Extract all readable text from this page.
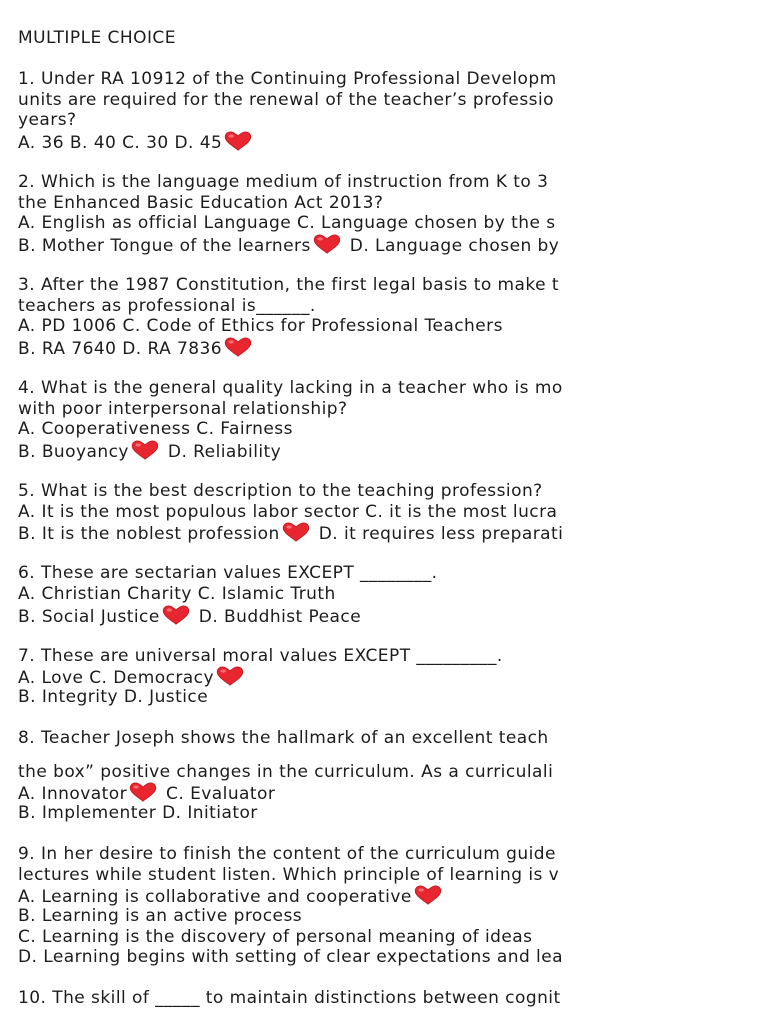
MULTIPLE CHOICE
1. Under RA 10912 of the Continuing Professional Developm
units are required for the renewal of the teacher’s professio
years?
A. 36 B. 40 C. 30 D. 45
2. Which is the language medium of instruction from K to 3
the Enhanced Basic Education Act 2013?
A. English as official Language C. Language chosen by the s
B. Mother Tongue of the learners D. Language chosen by
3. After the 1987 Constitution, the first legal basis to make t
teachers as professional is______.
A. PD 1006 C. Code of Ethics for Professional Teachers
B. RA 7640 D. RA 7836
4. What is the general quality lacking in a teacher who is mo
with poor interpersonal relationship?
A. Cooperativeness C. Fairness
B. Buoyancy D. Reliability
5. What is the best description to the teaching profession?
A. It is the most populous labor sector C. it is the most lucra
B. It is the noblest profession D. it requires less preparati
6. These are sectarian values EXCEPT ________.
A. Christian Charity C. Islamic Truth
B. Social Justice D. Buddhist Peace
7. These are universal moral values EXCEPT _________.
A. Love C. Democracy
B. Integrity D. Justice
8. Teacher Joseph shows the hallmark of an excellent teach
the box” positive changes in the curriculum. As a curriculali
A. Innovator C. Evaluator
B. Implementer D. Initiator
9. In her desire to finish the content of the curriculum guide
lectures while student listen. Which principle of learning is v
A. Learning is collaborative and cooperative
B. Learning is an active process
C. Learning is the discovery of personal meaning of ideas
D. Learning begins with setting of clear expectations and lea
10. The skill of _____ to maintain distinctions between cognit
